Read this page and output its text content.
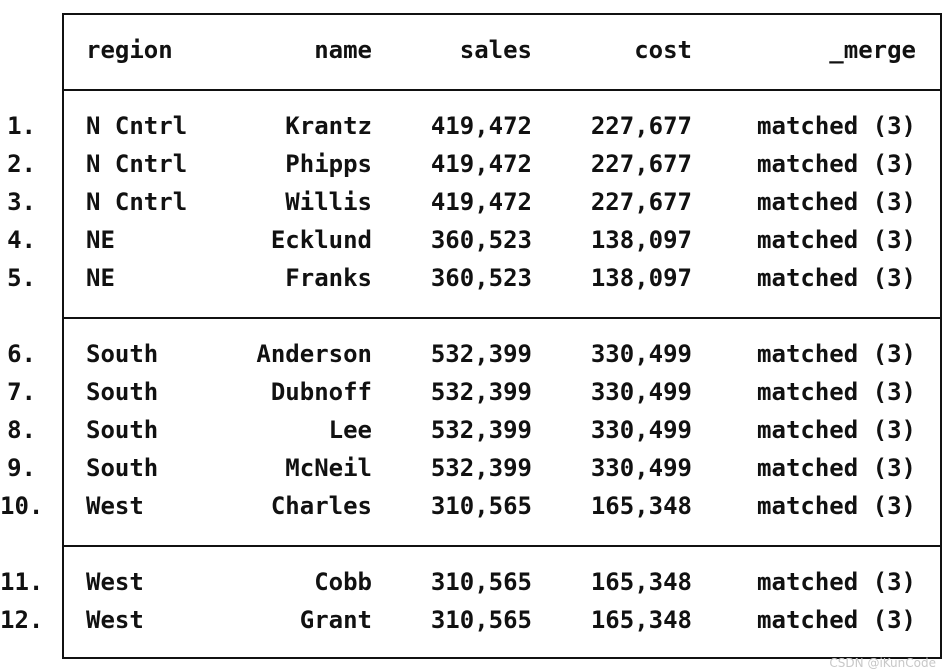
region	name	sales	cost	_merge
1. N Cntrl	Krantz	419,472	227,677	matched (3)
2. N Cntrl	Phipps	419,472	227,677	matched (3)
3. N Cntrl	Willis	419,472	227,677	matched (3)
4. NE	Ecklund	360,523	138,097	matched (3)
5. NE	Franks	360,523	138,097	matched (3)
6. South	Anderson	532,399	330,499	matched (3)
7. South	Dubnoff	532,399	330,499	matched (3)
8. South	Lee	532,399	330,499	matched (3)
9. South	McNeil	532,399	330,499	matched (3)
10. West	Charles	310,565	165,348	matched (3)
11. West	Cobb	310,565	165,348	matched (3)
12. West	Grant	310,565	165,348	matched (3)
CSDN @iKunCode
